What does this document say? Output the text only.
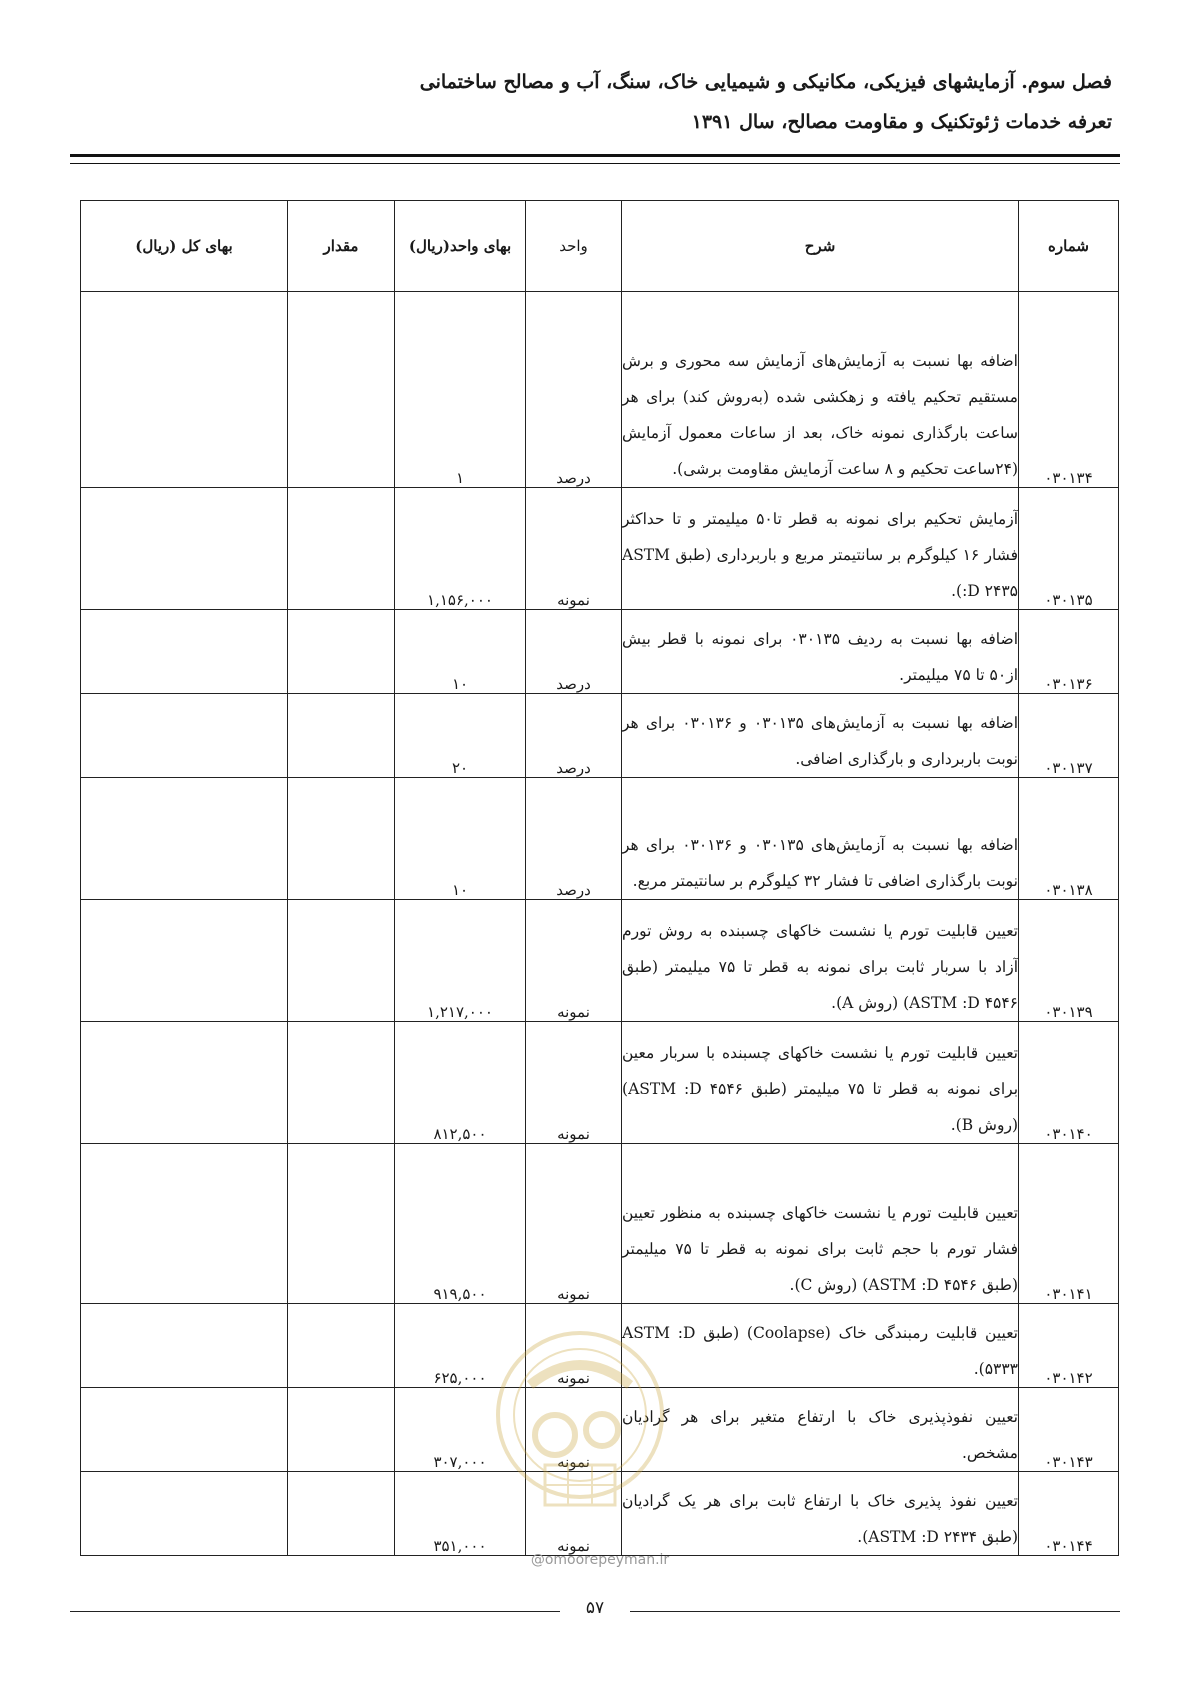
فصل سوم. آزمایشهای فیزیکی، مکانیکی و شیمیایی خاک، سنگ، آب و مصالح ساختمانی
تعرفه خدمات ژئوتکنیک و مقاومت مصالح، سال ۱۳۹۱
شماره	شرح	واحد	بهای واحد(ریال)	مقدار	بهای کل (ریال)
۰۳۰۱۳۴	اضافه بها نسبت به آزمایش‌های آزمایش سه محوری و برش مستقیم تحکیم یافته و زهکشی شده (به‌روش کند) برای هر ساعت بارگذاری نمونه خاک، بعد از ساعات معمول آزمایش (۲۴ساعت تحکیم و ۸ ساعت آزمایش مقاومت برشی).	درصد	۱		
۰۳۰۱۳۵	آزمایش تحکیم برای نمونه به قطر تا۵۰ میلیمتر و تا حداکثر فشار ۱۶ کیلوگرم بر سانتیمتر مربع و باربرداری (طبق ASTM :D ۲۴۳۵).	نمونه	۱,۱۵۶,۰۰۰		
۰۳۰۱۳۶	اضافه بها نسبت به ردیف ۰۳۰۱۳۵ برای نمونه با قطر بیش از۵۰ تا ۷۵ میلیمتر.	درصد	۱۰		
۰۳۰۱۳۷	اضافه بها نسبت به آزمایش‌های ۰۳۰۱۳۵ و ۰۳۰۱۳۶ برای هر نوبت باربرداری و بارگذاری اضافی.	درصد	۲۰		
۰۳۰۱۳۸	اضافه بها نسبت به آزمایش‌های ۰۳۰۱۳۵ و ۰۳۰۱۳۶ برای هر نوبت بارگذاری اضافی تا فشار ۳۲ کیلوگرم بر سانتیمتر مربع.	درصد	۱۰		
۰۳۰۱۳۹	تعیین قابلیت تورم یا نشست خاکهای چسبنده به روش تورم آزاد با سربار ثابت برای نمونه به قطر تا ۷۵ میلیمتر (طبق ASTM :D ۴۵۴۶) (روش A).	نمونه	۱,۲۱۷,۰۰۰		
۰۳۰۱۴۰	تعیین قابلیت تورم یا نشست خاکهای چسبنده با سربار معین برای نمونه به قطر تا ۷۵ میلیمتر (طبق ASTM :D ۴۵۴۶) (روش B).	نمونه	۸۱۲,۵۰۰		
۰۳۰۱۴۱	تعیین قابلیت تورم یا نشست خاکهای چسبنده به منظور تعیین فشار تورم با حجم ثابت برای نمونه به قطر تا ۷۵ میلیمتر (طبق ASTM :D ۴۵۴۶) (روش C).	نمونه	۹۱۹,۵۰۰		
۰۳۰۱۴۲	تعیین قابلیت رمبندگی خاک (Coolapse) (طبق ASTM :D ۵۳۳۳).	نمونه	۶۲۵,۰۰۰		
۰۳۰۱۴۳	تعیین نفوذپذیری خاک با ارتفاع متغیر برای هر گرادیان مشخص.	نمونه	۳۰۷,۰۰۰		
۰۳۰۱۴۴	تعیین نفوذ پذیری خاک با ارتفاع ثابت برای هر یک گرادیان (طبق ASTM :D ۲۴۳۴).	نمونه	۳۵۱,۰۰۰		
@omoorepeyman.ir
۵۷
